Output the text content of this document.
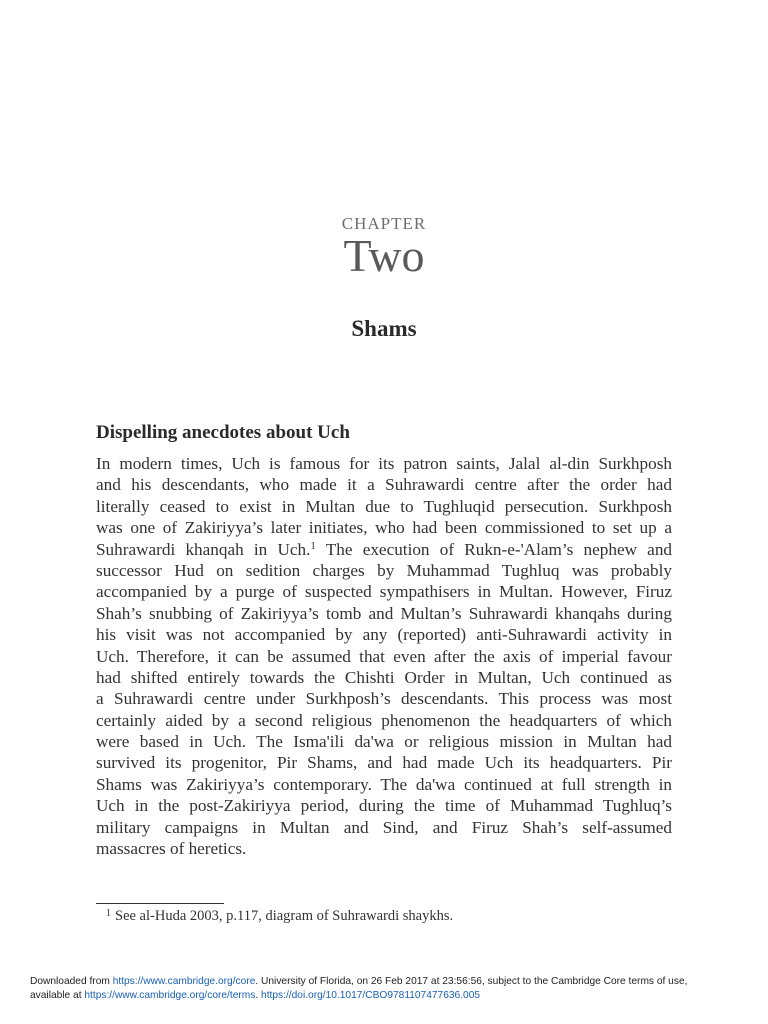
CHAPTER
Two
Shams
Dispelling anecdotes about Uch
In modern times, Uch is famous for its patron saints, Jalal al-din Surkhposh
and his descendants, who made it a Suhrawardi centre after the order had
literally ceased to exist in Multan due to Tughluqid persecution. Surkhposh
was one of Zakiriyya’s later initiates, who had been commissioned to set up a
Suhrawardi khanqah in Uch.$^1$ The execution of Rukn-e-'Alam’s nephew and
successor Hud on sedition charges by Muhammad Tughluq was probably
accompanied by a purge of suspected sympathisers in Multan. However, Firuz
Shah’s snubbing of Zakiriyya’s tomb and Multan’s Suhrawardi khanqahs during
his visit was not accompanied by any (reported) anti-Suhrawardi activity in
Uch. Therefore, it can be assumed that even after the axis of imperial favour
had shifted entirely towards the Chishti Order in Multan, Uch continued as
a Suhrawardi centre under Surkhposh’s descendants. This process was most
certainly aided by a second religious phenomenon the headquarters of which
were based in Uch. The Isma'ili da'wa or religious mission in Multan had
survived its progenitor, Pir Shams, and had made Uch its headquarters. Pir
Shams was Zakiriyya’s contemporary. The da'wa continued at full strength in
Uch in the post-Zakiriyya period, during the time of Muhammad Tughluq’s
military campaigns in Multan and Sind, and Firuz Shah’s self-assumed
massacres of heretics.
$^1$ See al-Huda 2003, p.117, diagram of Suhrawardi shaykhs.
Downloaded from https://www.cambridge.org/core. University of Florida, on 26 Feb 2017 at 23:56:56, subject to the Cambridge Core terms of use,
available at https://www.cambridge.org/core/terms. https://doi.org/10.1017/CBO9781107477636.005
